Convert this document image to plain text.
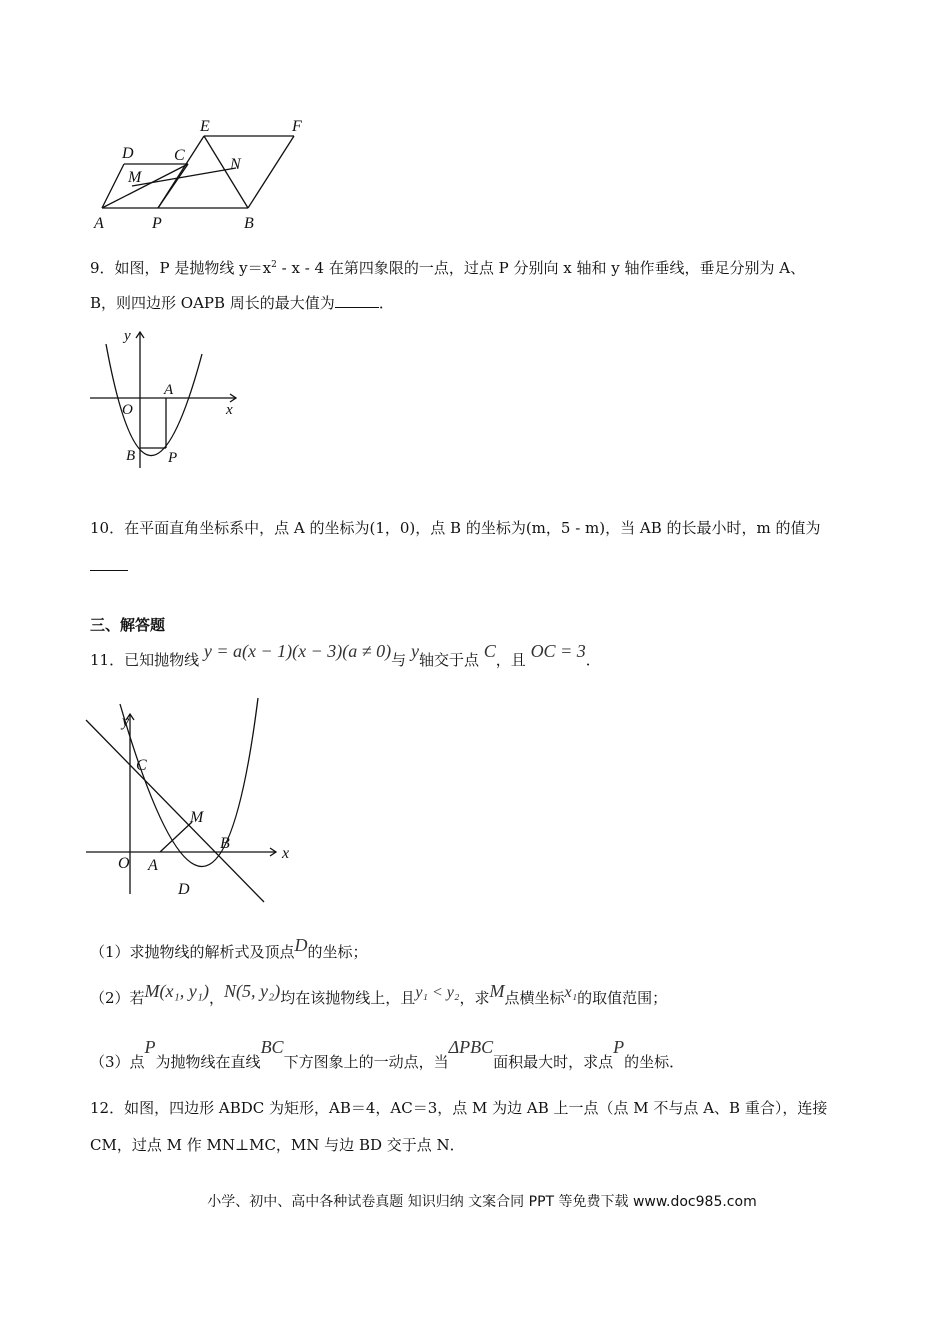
D	C
E	F
M
N
A	P	B
9．如图，P 是抛物线 $y=x^2 - x - 4$ 在第四象限的一点，过点 P 分别向 x 轴和 y 轴作垂线，垂足分别为 A、
B，则四边形 OAPB 周长的最大值为	．
y
x
O
A
B P
10．在平面直角坐标系中，点 A 的坐标为(1，0)，点 B 的坐标为(m，5 - m)，当 AB 的长最小时，m 的值为
三、解答题
11．已知抛物线 y = a(x − 1)(x − 3)(a ≠ 0)与 y轴交于点 C，且 OC = 3．
y
x
C
M
O A
B
D
（1）求抛物线的解析式及顶点D的坐标；
（2）若M(x₁, y₁)，N(5, y₂)均在该抛物线上，且y₁ < y₂，求M点横坐标x₁的取值范围；
（3）点P为抛物线在直线BC下方图象上的一动点，当ΔPBC面积最大时，求点P的坐标．
12．如图，四边形 ABDC 为矩形，AB＝4，AC＝3，点 M 为边 AB 上一点（点 M 不与点 A、B 重合），连接
CM，过点 M 作 MN⊥MC，MN 与边 BD 交于点 N．
小学、初中、高中各种试卷真题 知识归纳 文案合同 PPT 等免费下载 www.doc985.com
